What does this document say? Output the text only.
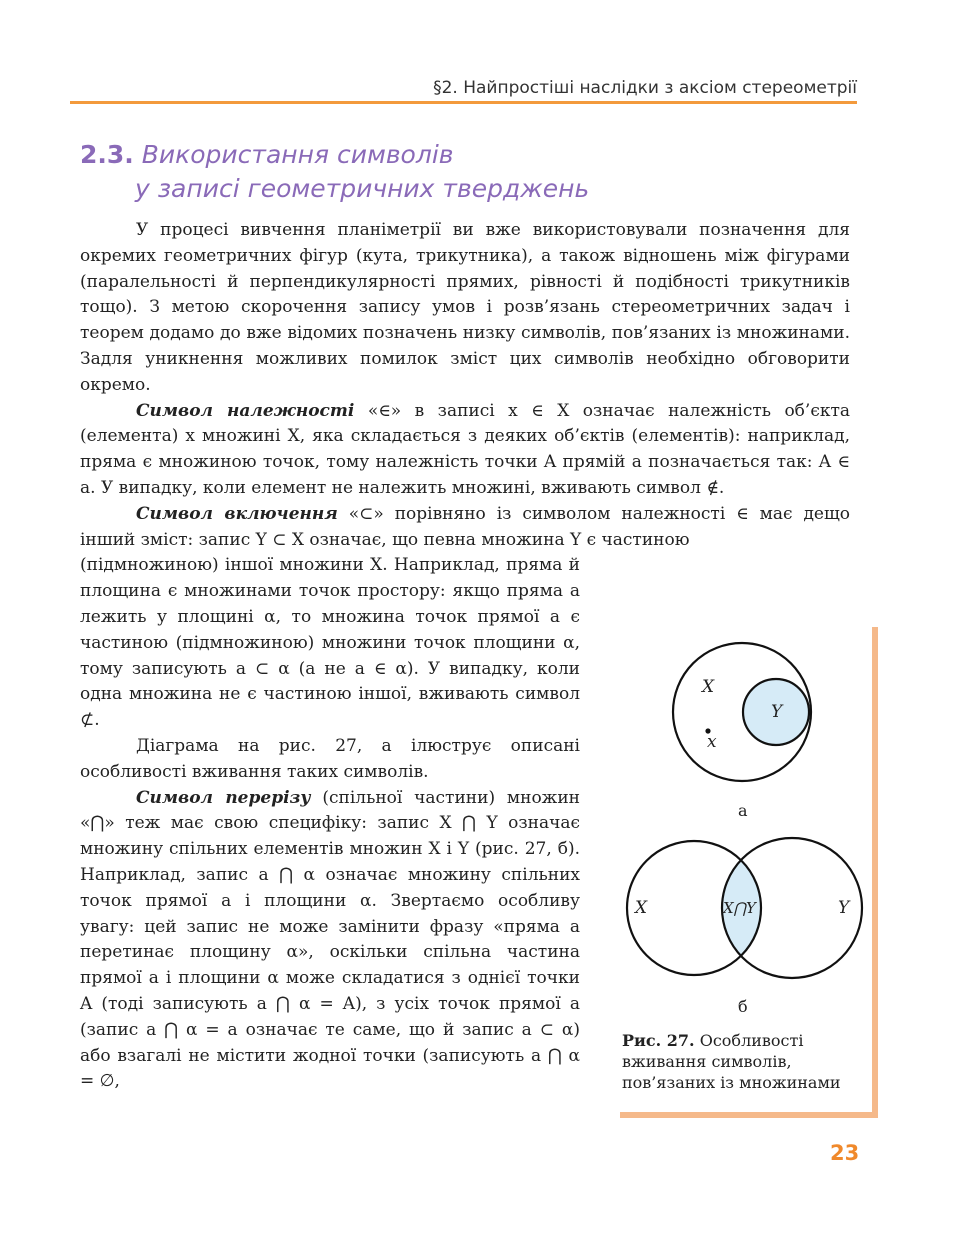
§2. Найпростіші наслідки з аксіом стереометрії
2.3. Використання символів
у записі геометричних тверджень

У процесі вивчення планіметрії ви вже використовували позначення для окремих геометричних фігур (кута, трикутника), а також відношень між фігурами (паралельності й перпендикулярності прямих, рівності й подібності трикутників тощо). З метою скорочення запису умов і розв’язань стереометричних задач і теорем додамо до вже відомих позначень низку символів, пов’язаних із множинами. Задля уникнення можливих помилок зміст цих символів необхідно обговорити окремо.

Символ належності «∈» в записі x ∈ X означає належність об’єкта (елемента) x множині X, яка складається з деяких об’єктів (елементів): наприклад, пряма є множиною точок, тому належність точки A прямій a позначається так: A ∈ a. У випадку, коли елемент не належить множині, вживають символ ∉.

Символ включення «⊂» порівняно із символом належності ∈ має дещо інший зміст: запис Y ⊂ X означає, що певна множина Y є частиною

(підмножиною) іншої множини X. Наприклад, пряма й площина є множинами точок простору: якщо пряма a лежить у площині α, то множина точок прямої a є частиною (підмножиною) множини точок площини α, тому записують a ⊂ α (а не a ∈ α). У випадку, коли одна множина не є частиною іншої, вживають символ ⊄.

Діаграма на рис. 27, а ілюструє описані особливості вживання таких символів.

Символ перерізу (спільної частини) множин «⋂» теж має свою специфіку: запис X ⋂ Y означає множину спільних елементів множин X і Y (рис. 27, б). Наприклад, запис a ⋂ α означає множину спільних точок прямої a і площини α. Звертаємо особливу увагу: цей запис не може замінити фразу «пряма a перетинає площину α», оскільки спільна частина прямої a і площини α може складатися з однієї точки A (тоді записують a ⋂ α = A), з усіх точок прямої a (запис a ⋂ α = a означає те саме, що й запис a ⊂ α) або взагалі не містити жодної точки (записують a ⋂ α = ∅,

X
Y
x
а
X	X⋂Y	Y
б
Рис. 27. Особливості вживання символів, пов’язаних із множинами
23
